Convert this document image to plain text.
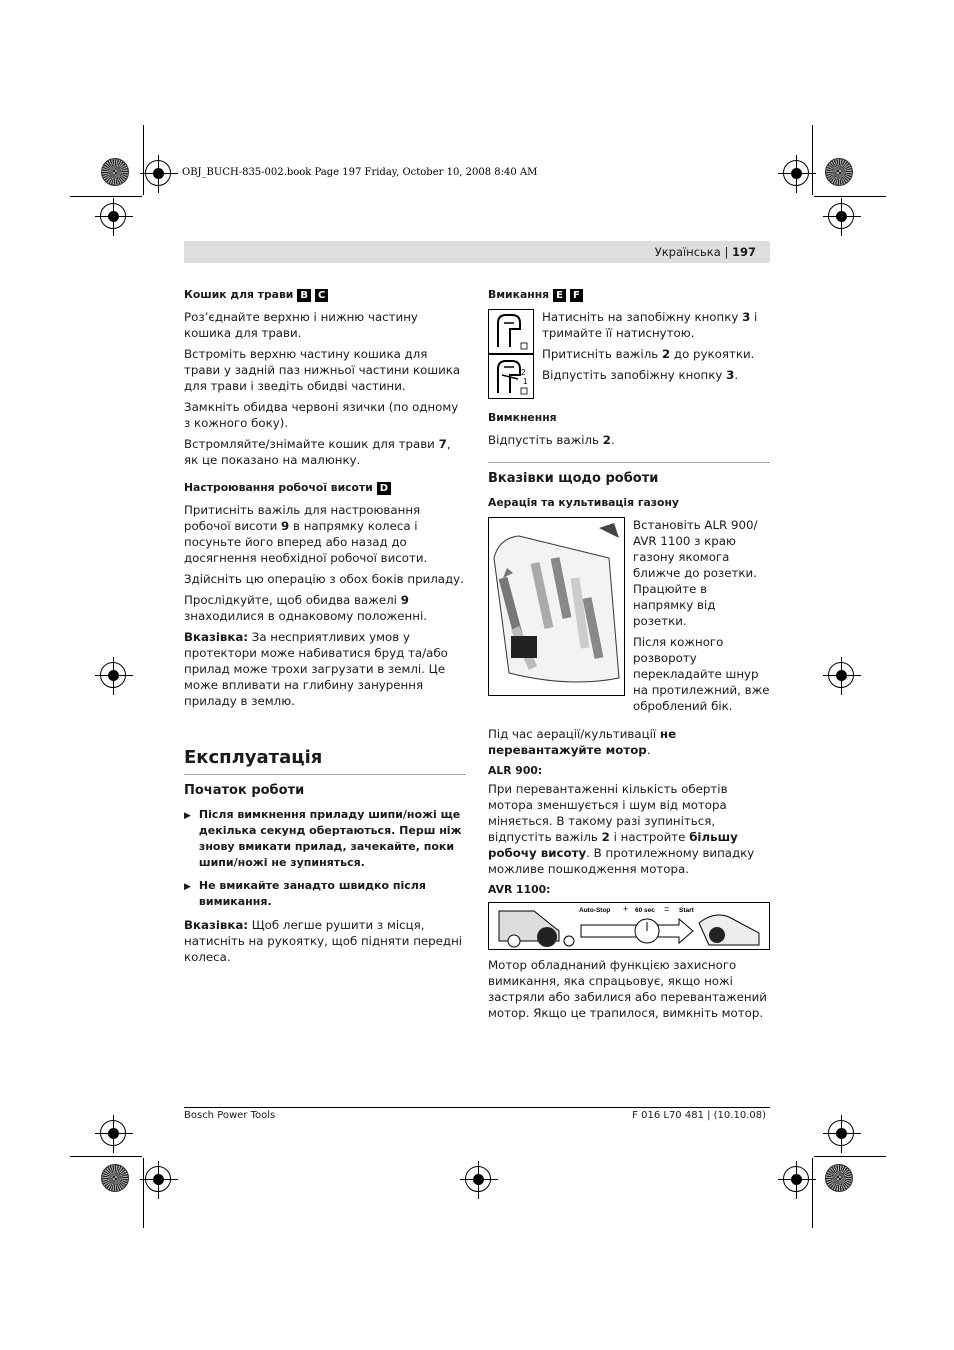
OBJ_BUCH-835-002.book Page 197 Friday, October 10, 2008 8:40 AM
Українська | 197
Кошик для трави B	C

Роз’єднайте верхню і нижню частину кошика для трави.

Встроміть верхню частину кошика для трави у задній паз нижньої частини кошика для трави і зведіть обидві частини.

Замкніть обидва червоні язички (по одному з кожного боку).

Встромляйте/знімайте кошик для трави 7, як це показано на малюнку.

Настроювання робочої висоти D

Притисніть важіль для настроювання робочої висоти 9 в напрямку колеса і посуньте його вперед або назад до досягнення необхідної робочої висоти.

Здійсніть цю операцію з обох боків приладу.

Прослідкуйте, щоб обидва важелі 9 знаходилися в однаковому положенні.

Вказівка: За несприятливих умов у протектори може набиватися бруд та/або прилад може трохи загрузати в землі. Це може впливати на глибину занурення приладу в землю.

Експлуатація
Початок роботи
▶ Після вимкнення приладу шипи/ножі ще декілька секунд обертаються. Перш ніж знову вмикати прилад, зачекайте, поки шипи/ножі не зупиняться.
▶ Не вмикайте занадто швидко після вимикання.

Вказівка: Щоб легше рушити з місця, натисніть на рукоятку, щоб підняти передні колеса.

Вмикання E	F
2
1

Натисніть на запобіжну кнопку 3 і тримайте її натиснутою.

Притисніть важіль 2 до рукоятки.

Відпустіть запобіжну кнопку 3.

Вимкнення

Відпустіть важіль 2.

Вказівки щодо роботи
Аерація та культивація газону

Встановіть ALR 900/ AVR 1100 з краю газону якомога ближче до розетки. Працюйте в напрямку від розетки.

Після кожного розвороту перекладайте шнур на протилежний, вже оброблений бік.

Під час аерації/культивації не перевантажуйте мотор.

ALR 900:

При перевантаженні кількість обертів мотора зменшується і шум від мотора міняється. В такому разі зупиніться, відпустіть важіль 2 і настройте більшу робочу висоту. В протилежному випадку можливе пошкодження мотора.

AVR 1100:
Auto-Stop + 60 sec = Start

Мотор обладнаний функцією захисного вимикання, яка спрацьовує, якщо ножі застряли або забилися або перевантажений мотор. Якщо це трапилося, вимкніть мотор.

Bosch Power Tools	F 016 L70 481 | (10.10.08)
